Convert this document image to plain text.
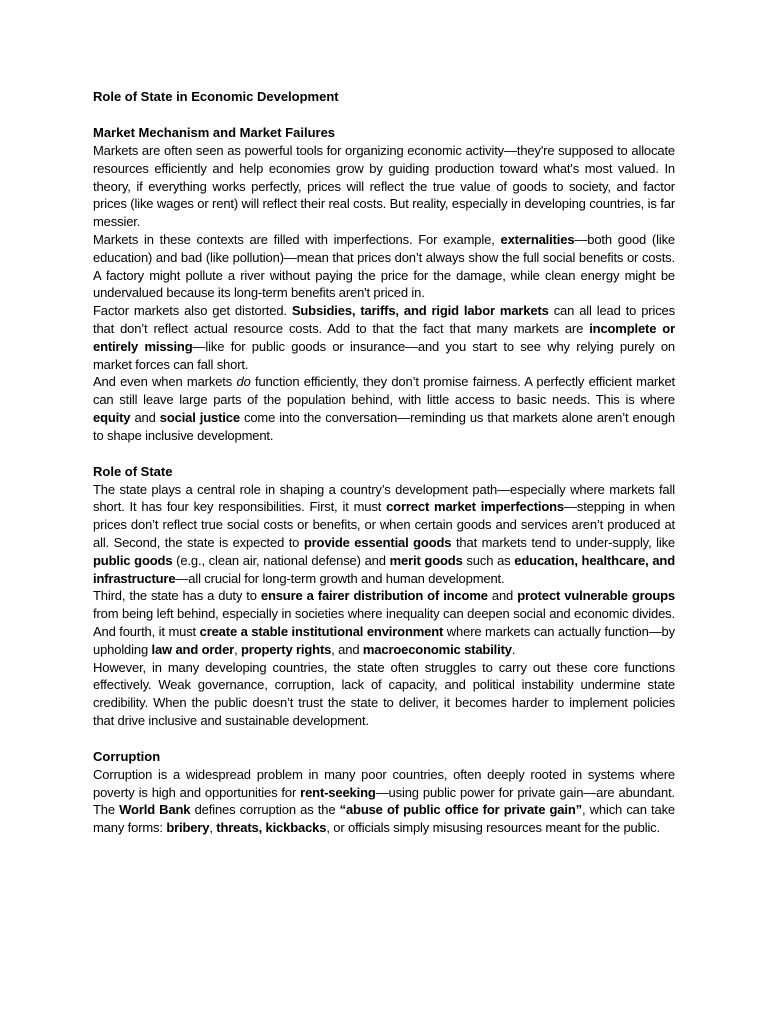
Role of State in Economic Development
Market Mechanism and Market Failures

Markets are often seen as powerful tools for organizing economic activity—they're supposed to allocate resources efficiently and help economies grow by guiding production toward what's most valued. In theory, if everything works perfectly, prices will reflect the true value of goods to society, and factor prices (like wages or rent) will reflect their real costs. But reality, especially in developing countries, is far messier.

Markets in these contexts are filled with imperfections. For example, externalities—both good (like education) and bad (like pollution)—mean that prices don’t always show the full social benefits or costs. A factory might pollute a river without paying the price for the damage, while clean energy might be undervalued because its long-term benefits aren't priced in.

Factor markets also get distorted. Subsidies, tariffs, and rigid labor markets can all lead to prices that don’t reflect actual resource costs. Add to that the fact that many markets are incomplete or entirely missing—like for public goods or insurance—and you start to see why relying purely on market forces can fall short.

And even when markets do function efficiently, they don’t promise fairness. A perfectly efficient market can still leave large parts of the population behind, with little access to basic needs. This is where equity and social justice come into the conversation—reminding us that markets alone aren’t enough to shape inclusive development.

Role of State

The state plays a central role in shaping a country’s development path—especially where markets fall short. It has four key responsibilities. First, it must correct market imperfections—stepping in when prices don’t reflect true social costs or benefits, or when certain goods and services aren’t produced at all. Second, the state is expected to provide essential goods that markets tend to under-supply, like public goods (e.g., clean air, national defense) and merit goods such as education, healthcare, and infrastructure—all crucial for long-term growth and human development.

Third, the state has a duty to ensure a fairer distribution of income and protect vulnerable groups from being left behind, especially in societies where inequality can deepen social and economic divides. And fourth, it must create a stable institutional environment where markets can actually function—by upholding law and order, property rights, and macroeconomic stability.

However, in many developing countries, the state often struggles to carry out these core functions effectively. Weak governance, corruption, lack of capacity, and political instability undermine state credibility. When the public doesn’t trust the state to deliver, it becomes harder to implement policies that drive inclusive and sustainable development.

Corruption

Corruption is a widespread problem in many poor countries, often deeply rooted in systems where poverty is high and opportunities for rent-seeking—using public power for private gain—are abundant. The World Bank defines corruption as the “abuse of public office for private gain”, which can take many forms: bribery, threats, kickbacks, or officials simply misusing resources meant for the public.
